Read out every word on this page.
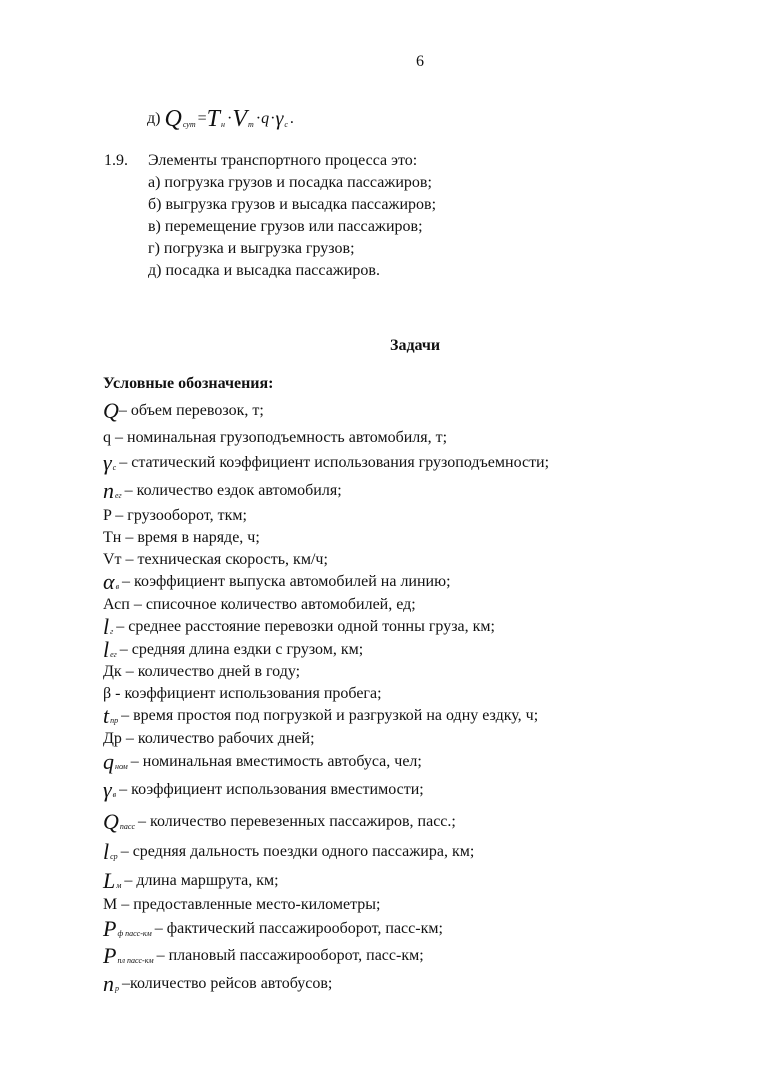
6
д) Qсут =Tн ·Vт ·q·γс .
1.9. Элементы транспортного процесса это:
а) погрузка грузов и посадка пассажиров;
б) выгрузка грузов и высадка пассажиров;
в) перемещение грузов или пассажиров;
г) погрузка и выгрузка грузов;
д) посадка и высадка пассажиров.
Задачи
Условные обозначения:
Q– объем перевозок, т;
q – номинальная грузоподъемность автомобиля, т;
γс– статический коэффициент использования грузоподъемности;
nег– количество ездок автомобиля;
P – грузооборот, ткм;
Тн – время в наряде, ч;
Vт – техническая скорость, км/ч;
αв– коэффициент выпуска автомобилей на линию;
Асп – списочное количество автомобилей, ед;
lг– среднее расстояние перевозки одной тонны груза, км;
lег– средняя длина ездки с грузом, км;
Дк – количество дней в году;
β - коэффициент использования пробега;
tпр– время простоя под погрузкой и разгрузкой на одну ездку, ч;
Др – количество рабочих дней;
qном– номинальная вместимость автобуса, чел;
γв– коэффициент использования вместимости;
Qпасс– количество перевезенных пассажиров, пасс.;
lср– средняя дальность поездки одного пассажира, км;
Lм– длина маршрута, км;
М – предоставленные место-километры;
Pф пасс-км– фактический пассажирооборот, пасс-км;
Pпл пасс-км– плановый пассажирооборот, пасс-км;
nр–количество рейсов автобусов;
